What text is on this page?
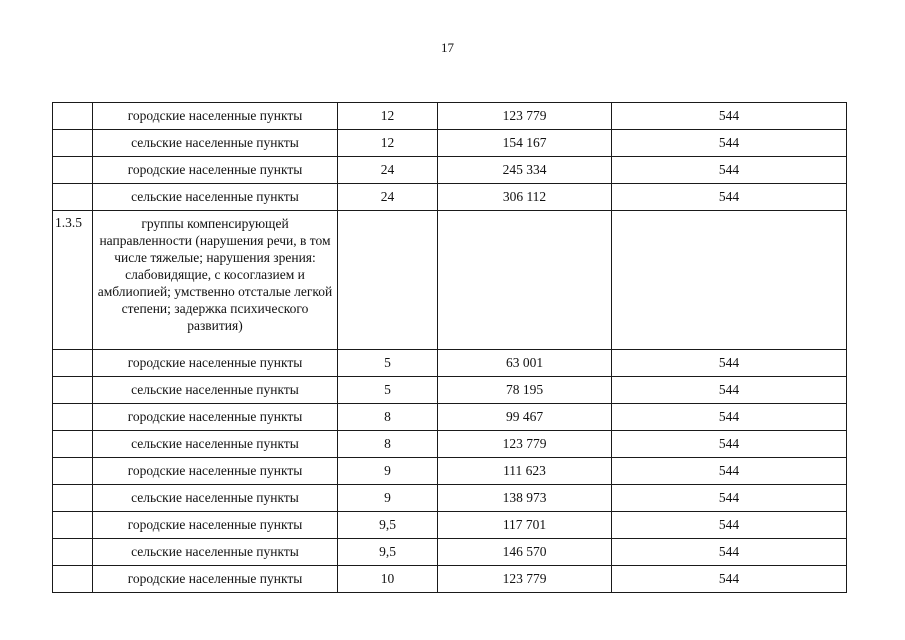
17
	городские населенные пункты	12	123 779	544
	сельские населенные пункты	12	154 167	544
	городские населенные пункты	24	245 334	544
	сельские населенные пункты	24	306 112	544
1.3.5	группы компенсирующей направленности (нарушения речи, в том числе тяжелые; нарушения зрения: слабовидящие, с косоглазием и амблиопией; умственно отсталые легкой степени; задержка психического развития)			
	городские населенные пункты	5	63 001	544
	сельские населенные пункты	5	78 195	544
	городские населенные пункты	8	99 467	544
	сельские населенные пункты	8	123 779	544
	городские населенные пункты	9	111 623	544
	сельские населенные пункты	9	138 973	544
	городские населенные пункты	9,5	117 701	544
	сельские населенные пункты	9,5	146 570	544
	городские населенные пункты	10	123 779	544
